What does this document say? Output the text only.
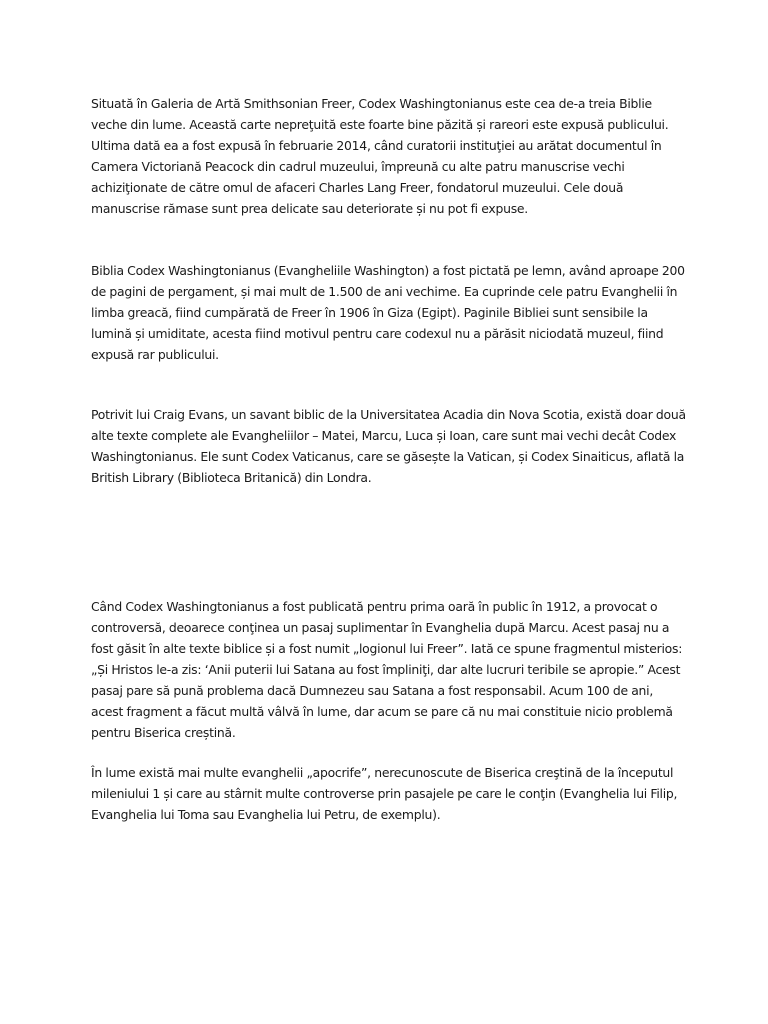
Situată în Galeria de Artă Smithsonian Freer, Codex Washingtonianus este cea de-a treia Biblie veche din lume. Această carte nepreţuită este foarte bine păzită și rareori este expusă publicului. Ultima dată ea a fost expusă în februarie 2014, când curatorii instituţiei au arătat documentul în Camera Victoriană Peacock din cadrul muzeului, împreună cu alte patru manuscrise vechi achiziţionate de către omul de afaceri Charles Lang Freer, fondatorul muzeului. Cele două manuscrise rămase sunt prea delicate sau deteriorate și nu pot fi expuse.

Biblia Codex Washingtonianus (Evangheliile Washington) a fost pictată pe lemn, având aproape 200 de pagini de pergament, și mai mult de 1.500 de ani vechime. Ea cuprinde cele patru Evanghelii în limba greacă, fiind cumpărată de Freer în 1906 în Giza (Egipt). Paginile Bibliei sunt sensibile la lumină și umiditate, acesta fiind motivul pentru care codexul nu a părăsit niciodată muzeul, fiind expusă rar publicului.

Potrivit lui Craig Evans, un savant biblic de la Universitatea Acadia din Nova Scotia, există doar două alte texte complete ale Evangheliilor – Matei, Marcu, Luca și Ioan, care sunt mai vechi decât Codex Washingtonianus. Ele sunt Codex Vaticanus, care se găsește la Vatican, și Codex Sinaiticus, aflată la British Library (Biblioteca Britanică) din Londra.

Când Codex Washingtonianus a fost publicată pentru prima oară în public în 1912, a provocat o controversă, deoarece conţinea un pasaj suplimentar în Evanghelia după Marcu. Acest pasaj nu a fost găsit în alte texte biblice și a fost numit „logionul lui Freer”. Iată ce spune fragmentul misterios: „Și Hristos le-a zis: ‘Anii puterii lui Satana au fost împliniţi, dar alte lucruri teribile se apropie.” Acest pasaj pare să pună problema dacă Dumnezeu sau Satana a fost responsabil. Acum 100 de ani, acest fragment a făcut multă vâlvă în lume, dar acum se pare că nu mai constituie nicio problemă pentru Biserica creștină.

În lume există mai multe evanghelii „apocrife”, nerecunoscute de Biserica creştină de la începutul mileniului 1 și care au stârnit multe controverse prin pasajele pe care le conţin (Evanghelia lui Filip, Evanghelia lui Toma sau Evanghelia lui Petru, de exemplu).
